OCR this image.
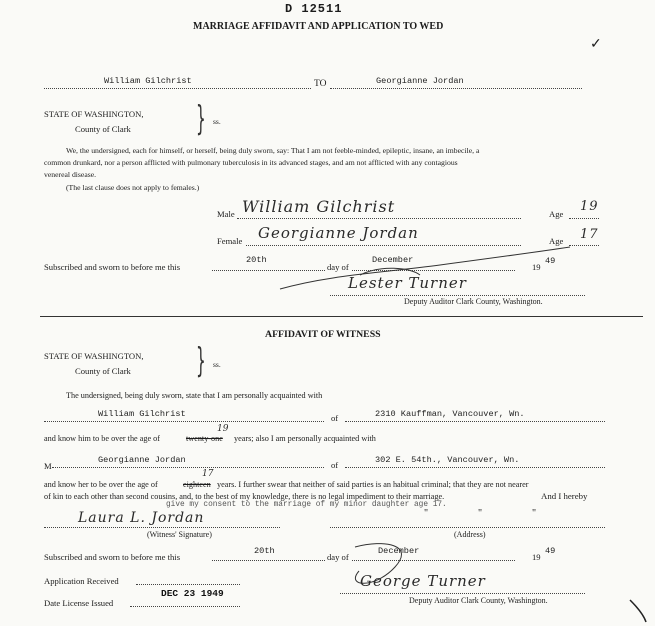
D 12511
MARRIAGE AFFIDAVIT AND APPLICATION TO WED
✓
William Gilchrist	TO	Georgianne Jordan
STATE OF WASHINGTON,
County of Clark } ss.
We, the undersigned, each for himself, or herself, being duly sworn, say: That I am not feeble-minded, epileptic, insane, an imbecile, a
common drunkard, nor a person afflicted with pulmonary tuberculosis in its advanced stages, and am not afflicted with any contagious
venereal disease.
(The last clause does not apply to females.)
Male William Gilchrist	Age 19
Female Georgianne Jordan	Age 17
Subscribed and sworn to before me this
20th
day of
December
19
49
Lester Turner
Deputy Auditor Clark County, Washington.
AFFIDAVIT OF WITNESS
STATE OF WASHINGTON,
County of Clark } ss.
The undersigned, being duly sworn, state that I am personally acquainted with
William Gilchrist	of	2310 Kauffman, Vancouver, Wn.
and know him to be over the age of	twenty-one
19
years; also I am personally acquainted with
M
Georgianne Jordan	of	302 E. 54th., Vancouver, Wn.
and know her to be over the age of	eighteen
17
years. I further swear that neither of said parties is an habitual criminal; that they are not nearer
of kin to each other than second cousins, and, to the best of my knowledge, there is no legal impediment to their marriage.	And I hereby
give my consent to the marriage of my minor daughter age 17.
"	"	"
Laura L. Jordan
(Witness' Signature)	(Address)
Subscribed and sworn to before me this
20th
day of
December
19
49
Application Received
Date License Issued
DEC 23 1949
George Turner
Deputy Auditor Clark County, Washington.
